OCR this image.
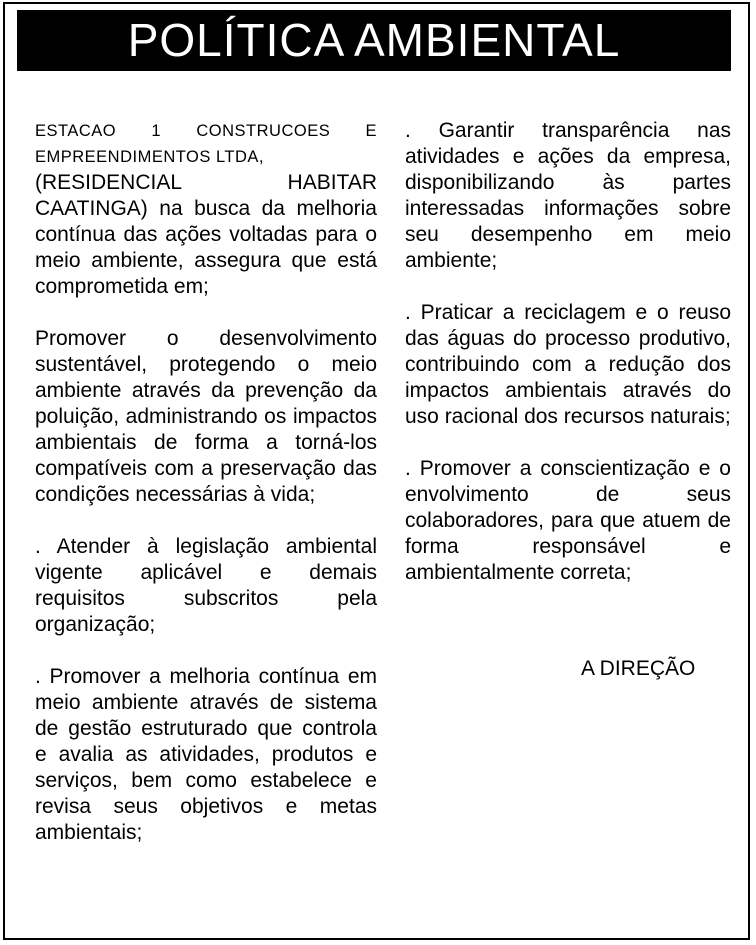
POLÍTICA AMBIENTAL

ESTACAO 1 CONSTRUCOES E EMPREENDIMENTOS LTDA,

(RESIDENCIAL HABITAR CAATINGA) na busca da melhoria contínua das ações voltadas para o meio ambiente, assegura que está comprometida em;

Promover o desenvolvimento sustentável, protegendo o meio ambiente através da prevenção da poluição, administrando os impactos ambientais de forma a torná-los compatíveis com a preservação das condições necessárias à vida;

. Atender à legislação ambiental vigente aplicável e demais requisitos subscritos pela organização;

. Promover a melhoria contínua em meio ambiente através de sistema de gestão estruturado que controla e avalia as atividades, produtos e serviços, bem como estabelece e revisa seus objetivos e metas ambientais;

. Garantir transparência nas atividades e ações da empresa, disponibilizando às partes interessadas informações sobre seu desempenho em meio ambiente;

. Praticar a reciclagem e o reuso das águas do processo produtivo, contribuindo com a redução dos impactos ambientais através do uso racional dos recursos naturais;

. Promover a conscientização e o envolvimento de seus colaboradores, para que atuem de forma responsável e ambientalmente correta;

A DIREÇÃO
